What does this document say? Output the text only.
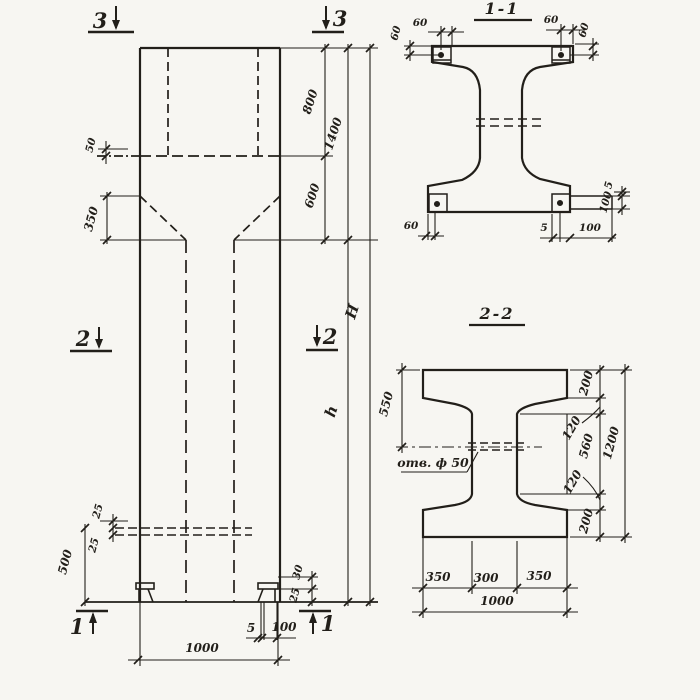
3	3
2	2
1	1
50
350
800
600
1400
h
H
25
25
500	30
25
5 100
1000
1-1
60
60
60
60
60	5	100
5
100
2-2
отв. ф 50
550
200
120
560
120
200
1200
350 300 350
1000
